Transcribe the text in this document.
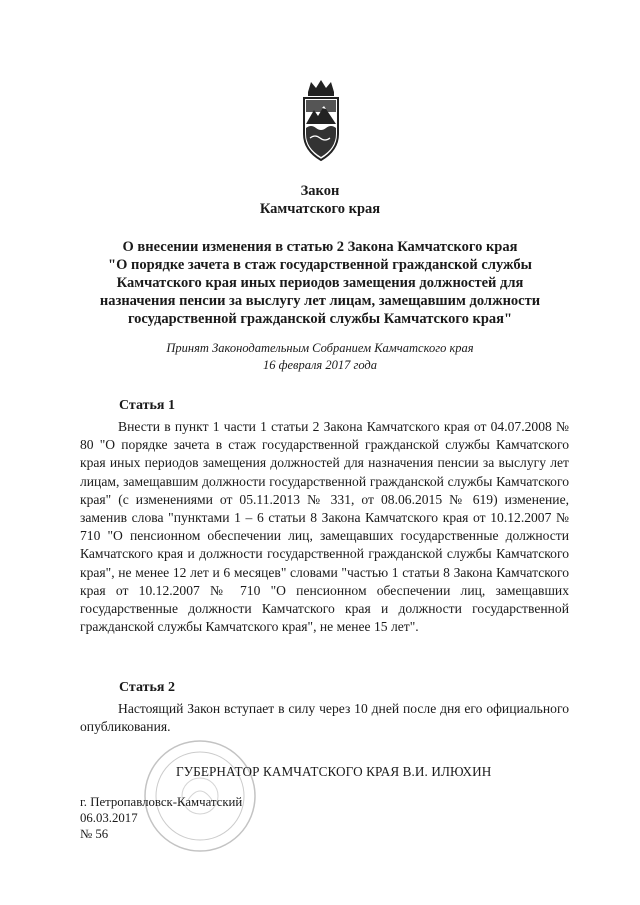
Закон
Камчатского края
О внесении изменения в статью 2 Закона Камчатского края
"О порядке зачета в стаж государственной гражданской службы
Камчатского края иных периодов замещения должностей для
назначения пенсии за выслугу лет лицам, замещавшим должности
государственной гражданской службы Камчатского края"
Принят Законодательным Собранием Камчатского края
16 февраля 2017 года
Статья 1

Внести в пункт 1 части 1 статьи 2 Закона Камчатского края от 04.07.2008 № 80 "О порядке зачета в стаж государственной гражданской службы Камчатского края иных периодов замещения должностей для назначения пенсии за выслугу лет лицам, замещавшим должности государственной гражданской службы Камчатского края" (с изменениями от 05.11.2013 № 331, от 08.06.2015 № 619) изменение, заменив слова "пунктами 1 – 6 статьи 8 Закона Камчатского края от 10.12.2007 № 710 "О пенсионном обеспечении лиц, замещавших государственные должности Камчатского края и должности государственной гражданской службы Камчатского края", не менее 12 лет и 6 месяцев" словами "частью 1 статьи 8 Закона Камчатского края от 10.12.2007 № 710 "О пенсионном обеспечении лиц, замещавших государственные должности Камчатского края и должности государственной гражданской службы Камчатского края", не менее 15 лет".

Статья 2

Настоящий Закон вступает в силу через 10 дней после дня его официального опубликования.

ГУБЕРНАТОР КАМЧАТСКОГО КРАЯ В.И. ИЛЮХИН
г. Петропавловск-Камчатский
06.03.2017
№ 56
